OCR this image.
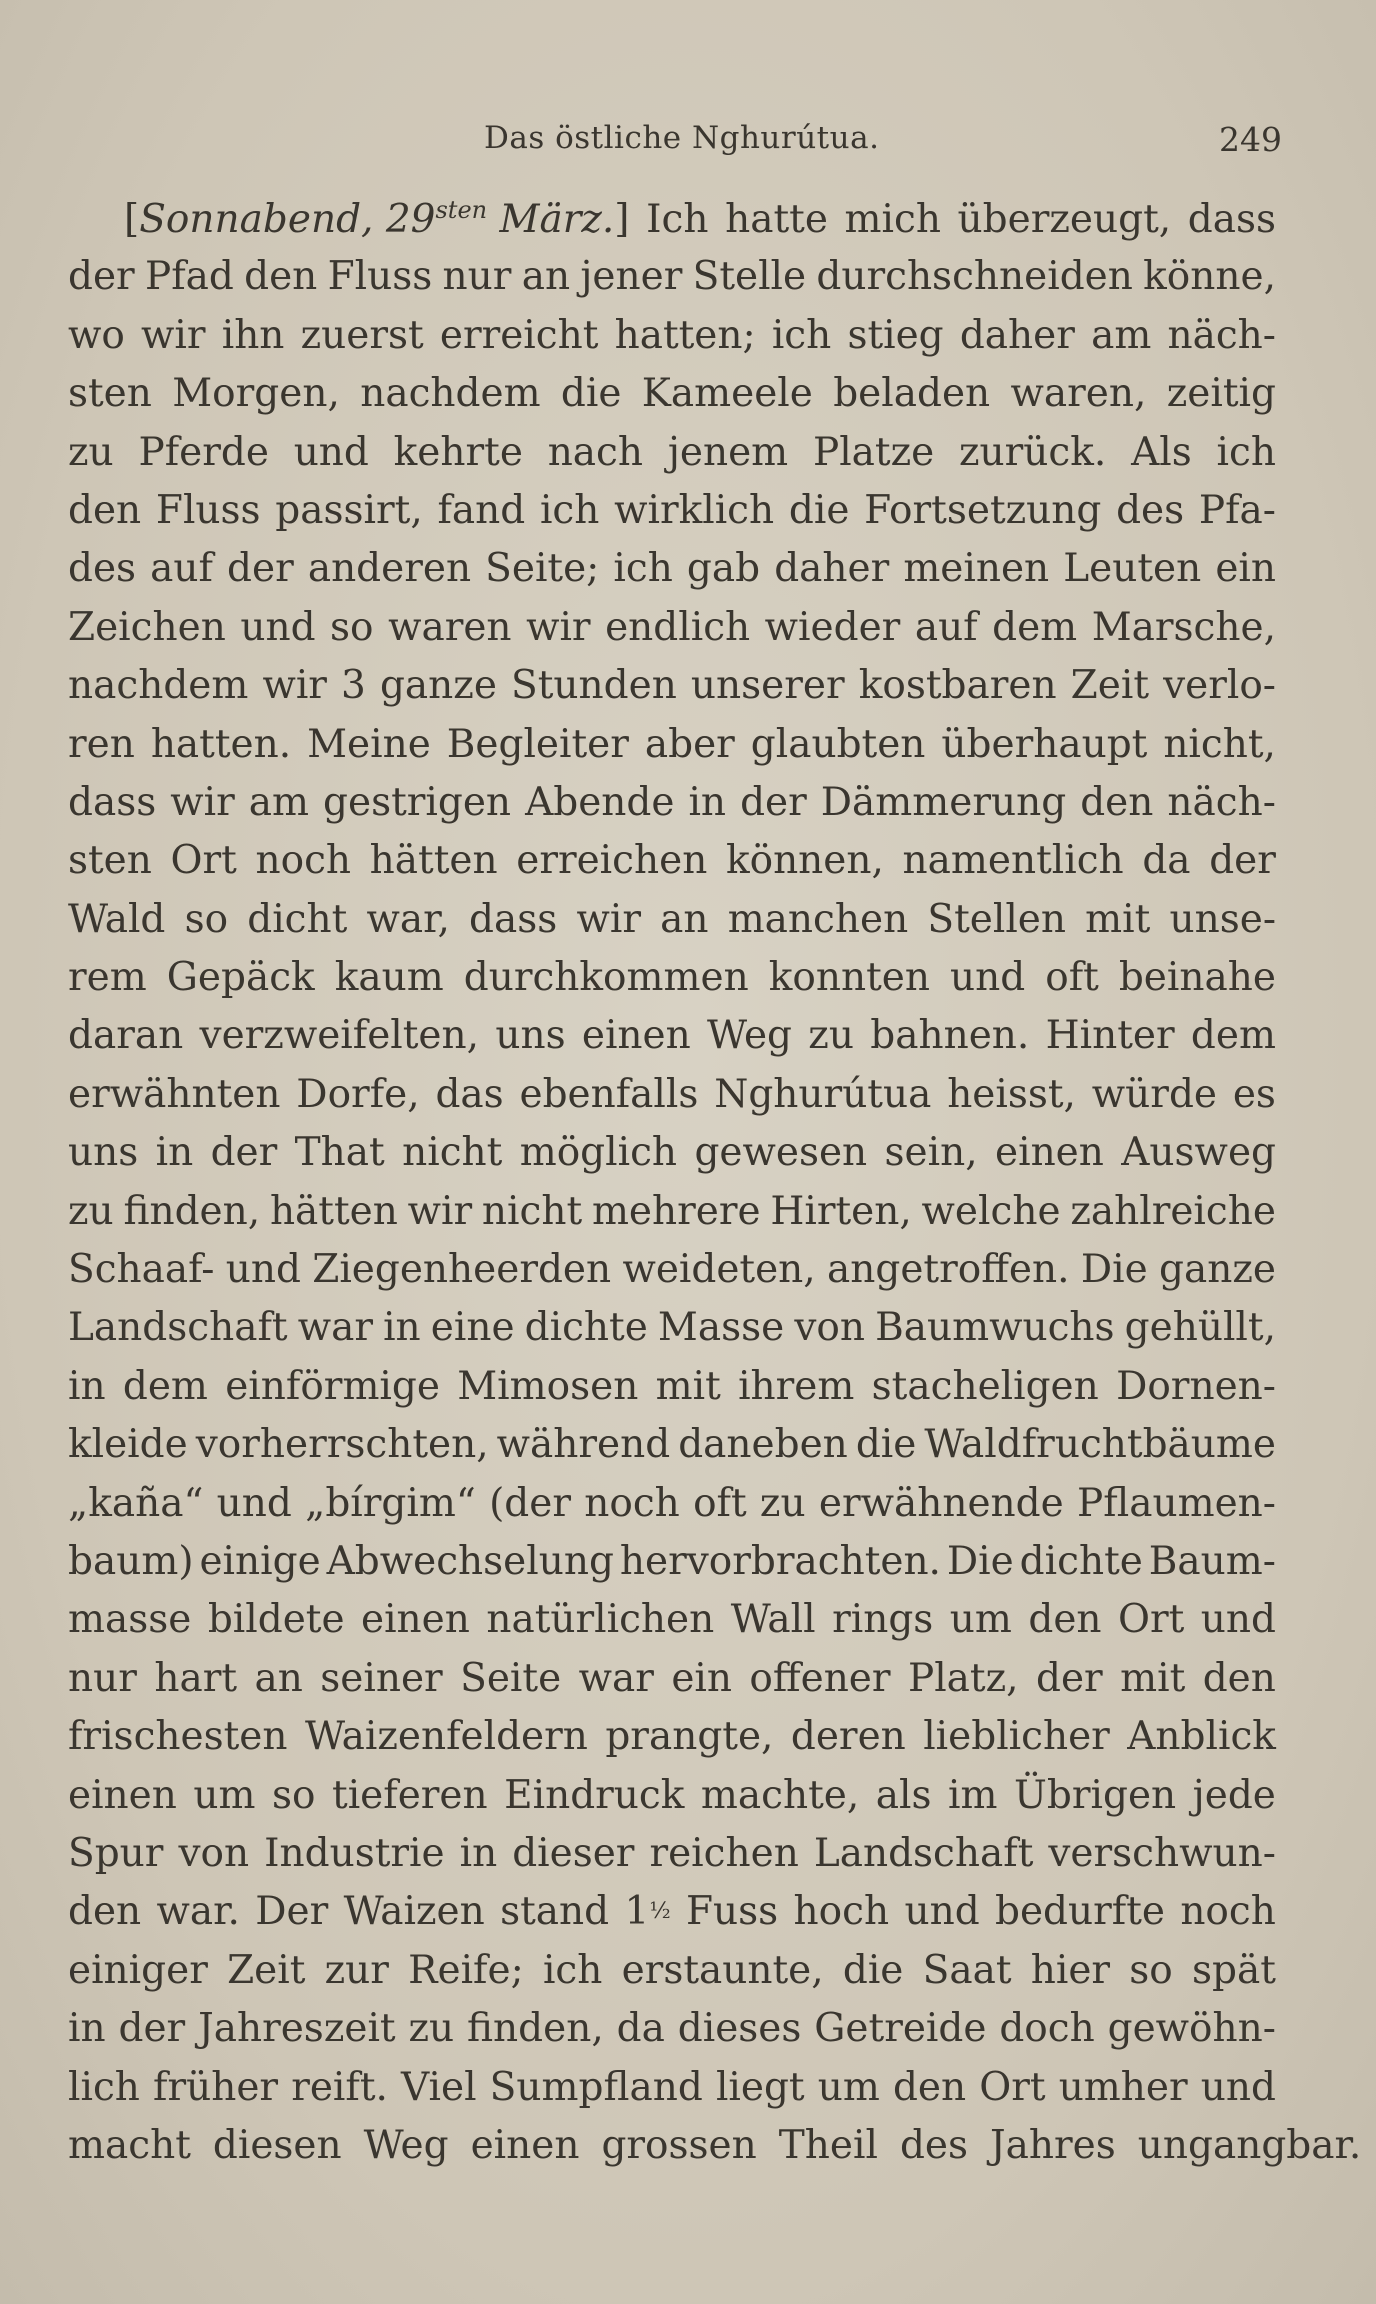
Das östliche Nghurútua.	249
[Sonnabend, $29^{sten}$ März.] Ich hatte mich überzeugt, dass
der Pfad den Fluss nur an jener Stelle durchschneiden könne,
wo wir ihn zuerst erreicht hatten; ich stieg daher am näch-
sten Morgen, nachdem die Kameele beladen waren, zeitig
zu Pferde und kehrte nach jenem Platze zurück. Als ich
den Fluss passirt, fand ich wirklich die Fortsetzung des Pfa-
des auf der anderen Seite; ich gab daher meinen Leuten ein
Zeichen und so waren wir endlich wieder auf dem Marsche,
nachdem wir 3 ganze Stunden unserer kostbaren Zeit verlo-
ren hatten. Meine Begleiter aber glaubten überhaupt nicht,
dass wir am gestrigen Abende in der Dämmerung den näch-
sten Ort noch hätten erreichen können, namentlich da der
Wald so dicht war, dass wir an manchen Stellen mit unse-
rem Gepäck kaum durchkommen konnten und oft beinahe
daran verzweifelten, uns einen Weg zu bahnen. Hinter dem
erwähnten Dorfe, das ebenfalls Nghurútua heisst, würde es
uns in der That nicht möglich gewesen sein, einen Ausweg
zu finden, hätten wir nicht mehrere Hirten, welche zahlreiche
Schaaf- und Ziegenheerden weideten, angetroffen. Die ganze
Landschaft war in eine dichte Masse von Baumwuchs gehüllt,
in dem einförmige Mimosen mit ihrem stacheligen Dornen-
kleide vorherrschten, während daneben die Waldfruchtbäume
„kaña“ und „bírgim“ (der noch oft zu erwähnende Pflaumen-
baum) einige Abwechselung hervorbrachten. Die dichte Baum-
masse bildete einen natürlichen Wall rings um den Ort und
nur hart an seiner Seite war ein offener Platz, der mit den
frischesten Waizenfeldern prangte, deren lieblicher Anblick
einen um so tieferen Eindruck machte, als im Übrigen jede
Spur von Industrie in dieser reichen Landschaft verschwun-
den war. Der Waizen stand 1½ Fuss hoch und bedurfte noch
einiger Zeit zur Reife; ich erstaunte, die Saat hier so spät
in der Jahreszeit zu finden, da dieses Getreide doch gewöhn-
lich früher reift. Viel Sumpfland liegt um den Ort umher und
macht diesen Weg einen grossen Theil des Jahres ungangbar.
